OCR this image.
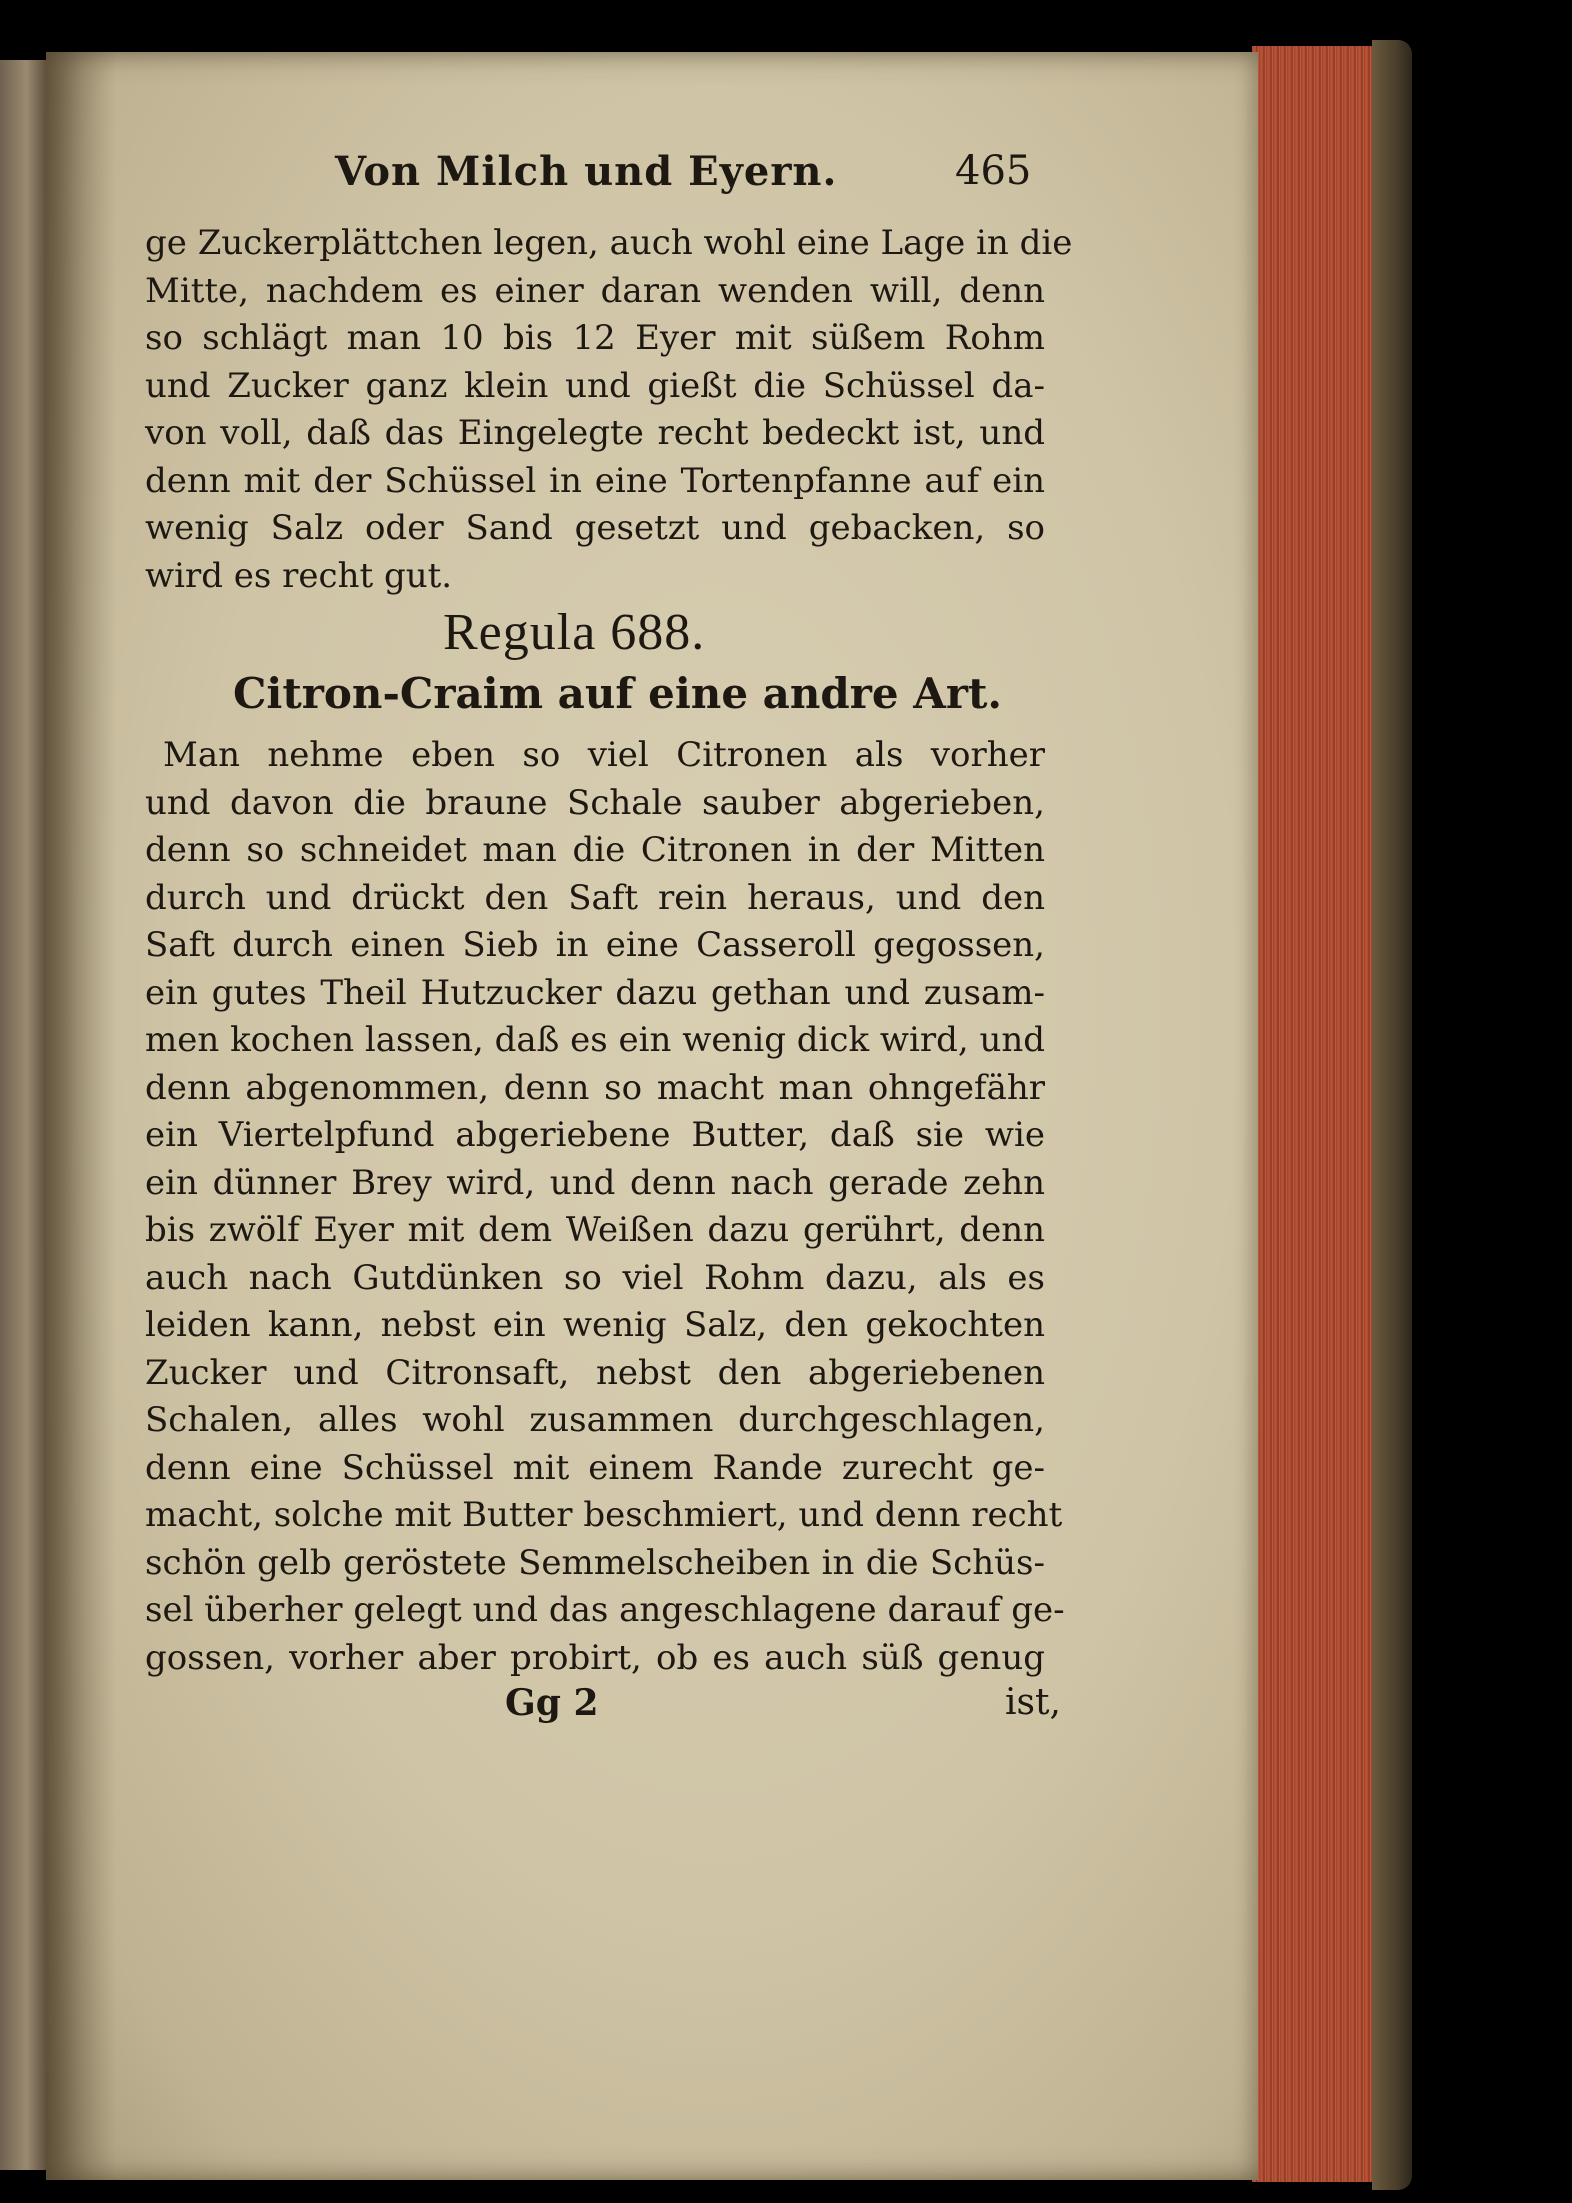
Von Milch und Eyern.	465
ge Zuckerplättchen legen, auch wohl eine Lage in die
Mitte, nachdem es einer daran wenden will, denn
so schlägt man 10 bis 12 Eyer mit süßem Rohm
und Zucker ganz klein und gießt die Schüssel da-
von voll, daß das Eingelegte recht bedeckt ist, und
denn mit der Schüssel in eine Tortenpfanne auf ein
wenig Salz oder Sand gesetzt und gebacken, so
wird es recht gut.
Regula 688.
Citron-Craim auf eine andre Art.
Man nehme eben so viel Citronen als vorher
und davon die braune Schale sauber abgerieben,
denn so schneidet man die Citronen in der Mitten
durch und drückt den Saft rein heraus, und den
Saft durch einen Sieb in eine Casseroll gegossen,
ein gutes Theil Hutzucker dazu gethan und zusam-
men kochen lassen, daß es ein wenig dick wird, und
denn abgenommen, denn so macht man ohngefähr
ein Viertelpfund abgeriebene Butter, daß sie wie
ein dünner Brey wird, und denn nach gerade zehn
bis zwölf Eyer mit dem Weißen dazu gerührt, denn
auch nach Gutdünken so viel Rohm dazu, als es
leiden kann, nebst ein wenig Salz, den gekochten
Zucker und Citronsaft, nebst den abgeriebenen
Schalen, alles wohl zusammen durchgeschlagen,
denn eine Schüssel mit einem Rande zurecht ge-
macht, solche mit Butter beschmiert, und denn recht
schön gelb geröstete Semmelscheiben in die Schüs-
sel überher gelegt und das angeschlagene darauf ge-
gossen, vorher aber probirt, ob es auch süß genug
Gg 2	ist,
